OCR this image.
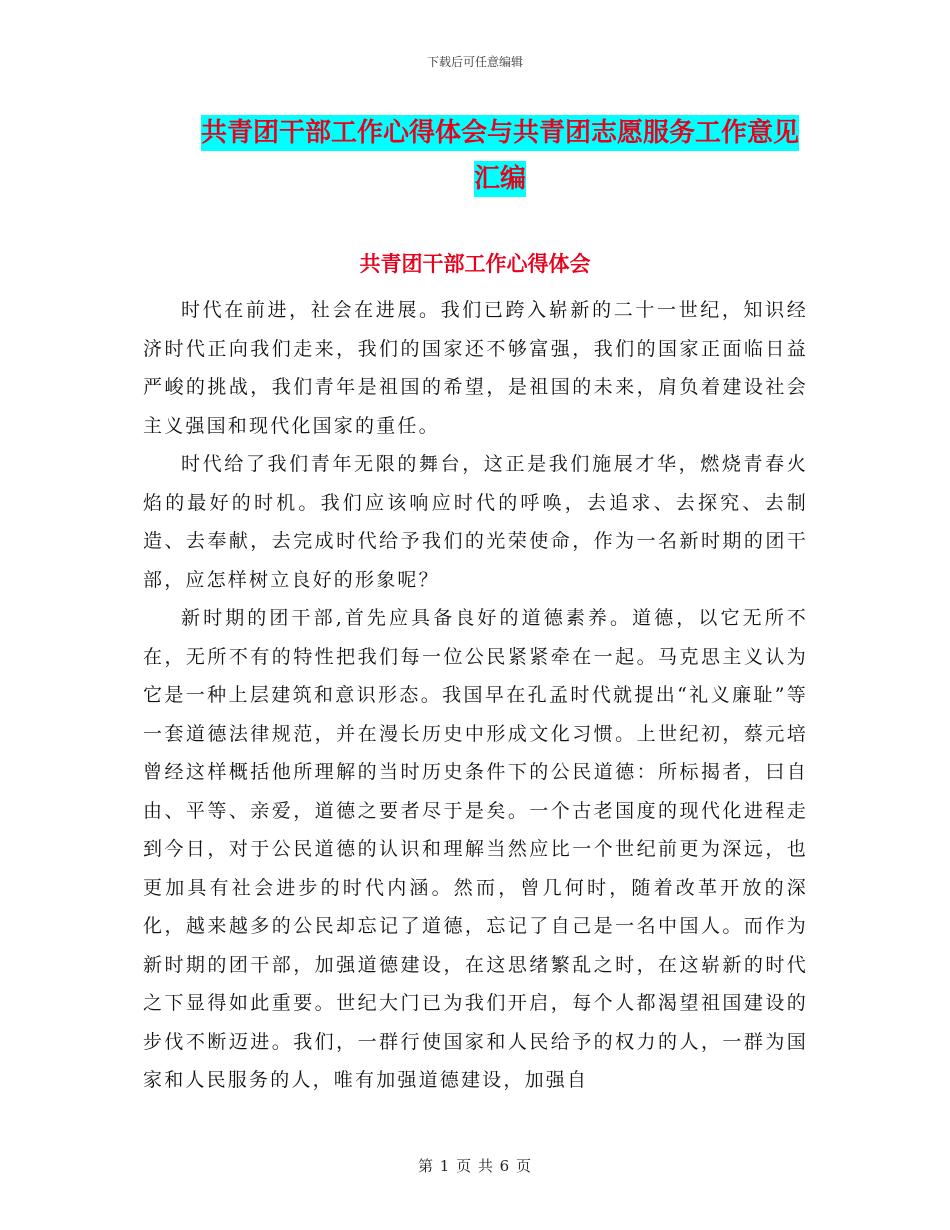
下载后可任意编辑
共青团干部工作心得体会与共青团志愿服务工作意见
汇编
共青团干部工作心得体会

时代在前进，社会在进展。我们已跨入崭新的二十一世纪，知识经济时代正向我们走来，我们的国家还不够富强，我们的国家正面临日益严峻的挑战，我们青年是祖国的希望，是祖国的未来，肩负着建设社会主义强国和现代化国家的重任。

时代给了我们青年无限的舞台，这正是我们施展才华，燃烧青春火焰的最好的时机。我们应该响应时代的呼唤，去追求、去探究、去制造、去奉献，去完成时代给予我们的光荣使命，作为一名新时期的团干部，应怎样树立良好的形象呢？

新时期的团干部,首先应具备良好的道德素养。道德，以它无所不在，无所不有的特性把我们每一位公民紧紧牵在一起。马克思主义认为它是一种上层建筑和意识形态。我国早在孔孟时代就提出“礼义廉耻”等一套道德法律规范，并在漫长历史中形成文化习惯。上世纪初，蔡元培曾经这样概括他所理解的当时历史条件下的公民道德：所标揭者，曰自由、平等、亲爱，道德之要者尽于是矣。一个古老国度的现代化进程走到今日，对于公民道德的认识和理解当然应比一个世纪前更为深远，也更加具有社会进步的时代内涵。然而，曾几何时，随着改革开放的深化，越来越多的公民却忘记了道德，忘记了自己是一名中国人。而作为新时期的团干部，加强道德建设，在这思绪繁乱之时，在这崭新的时代之下显得如此重要。世纪大门已为我们开启，每个人都渴望祖国建设的步伐不断迈进。我们，一群行使国家和人民给予的权力的人，一群为国家和人民服务的人，唯有加强道德建设，加强自

第 1 页 共 6 页
